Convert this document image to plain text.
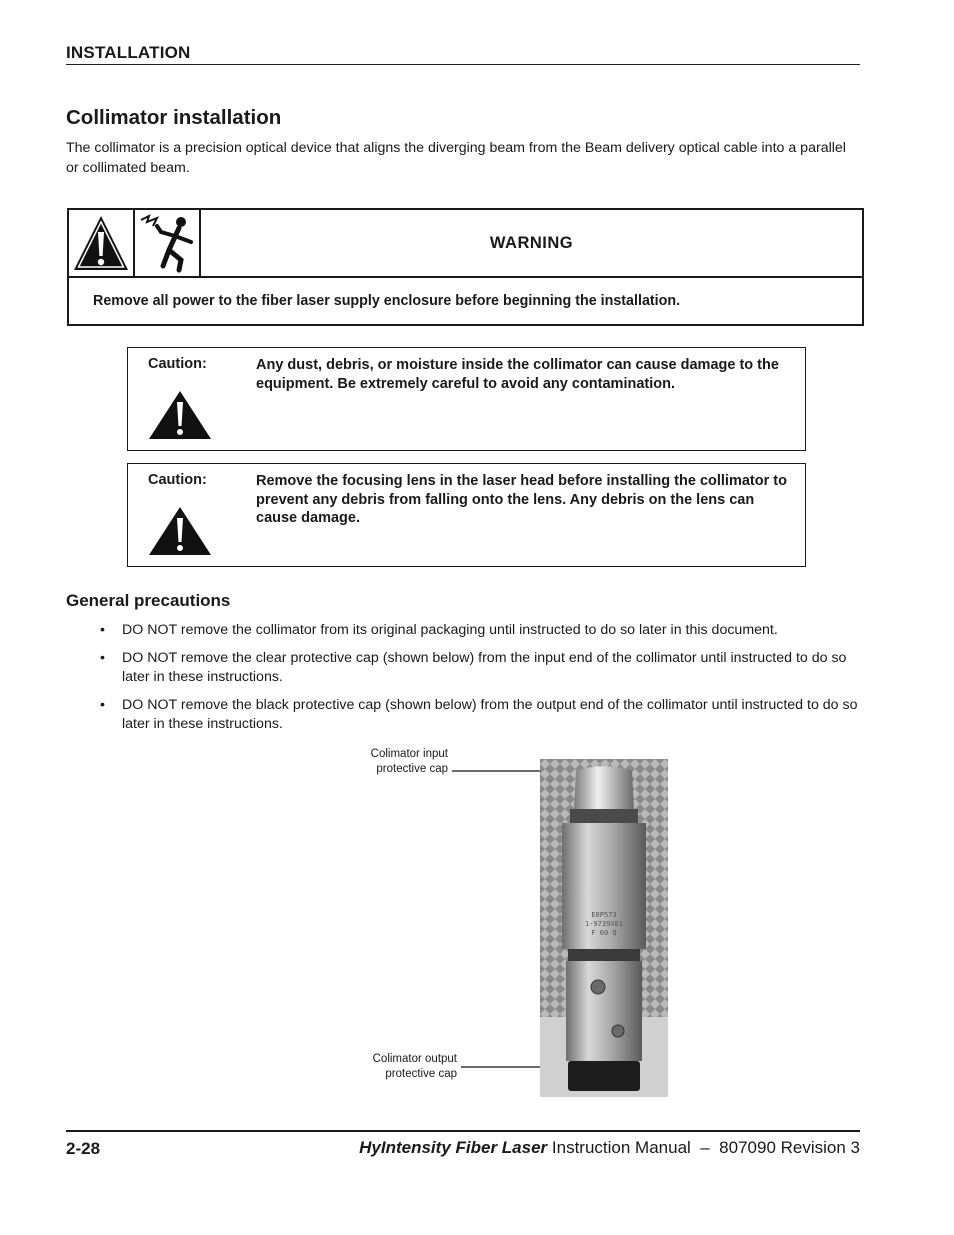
INSTALLATION
Collimator installation
The collimator is a precision optical device that aligns the diverging beam from the Beam delivery optical cable into a parallel or collimated beam.
WARNING
Remove all power to the fiber laser supply enclosure before beginning the installation.
Caution:	Any dust, debris, or moisture inside the collimator can cause damage to the equipment. Be extremely careful to avoid any contamination.
Caution:	Remove the focusing lens in the laser head before installing the collimator to prevent any debris from falling onto the lens. Any debris on the lens can cause damage.
General precautions
• DO NOT remove the collimator from its original packaging until instructed to do so later in this document.
• DO NOT remove the clear protective cap (shown below) from the input end of the collimator until instructed to do so later in these instructions.
• DO NOT remove the black protective cap (shown below) from the output end of the collimator until instructed to do so later in these instructions.
Colimator input
protective cap
Colimator output
protective cap
E0P573
1-9739X01
F 60 Q
2-28	HyIntensity Fiber Laser Instruction Manual – 807090 Revision 3
